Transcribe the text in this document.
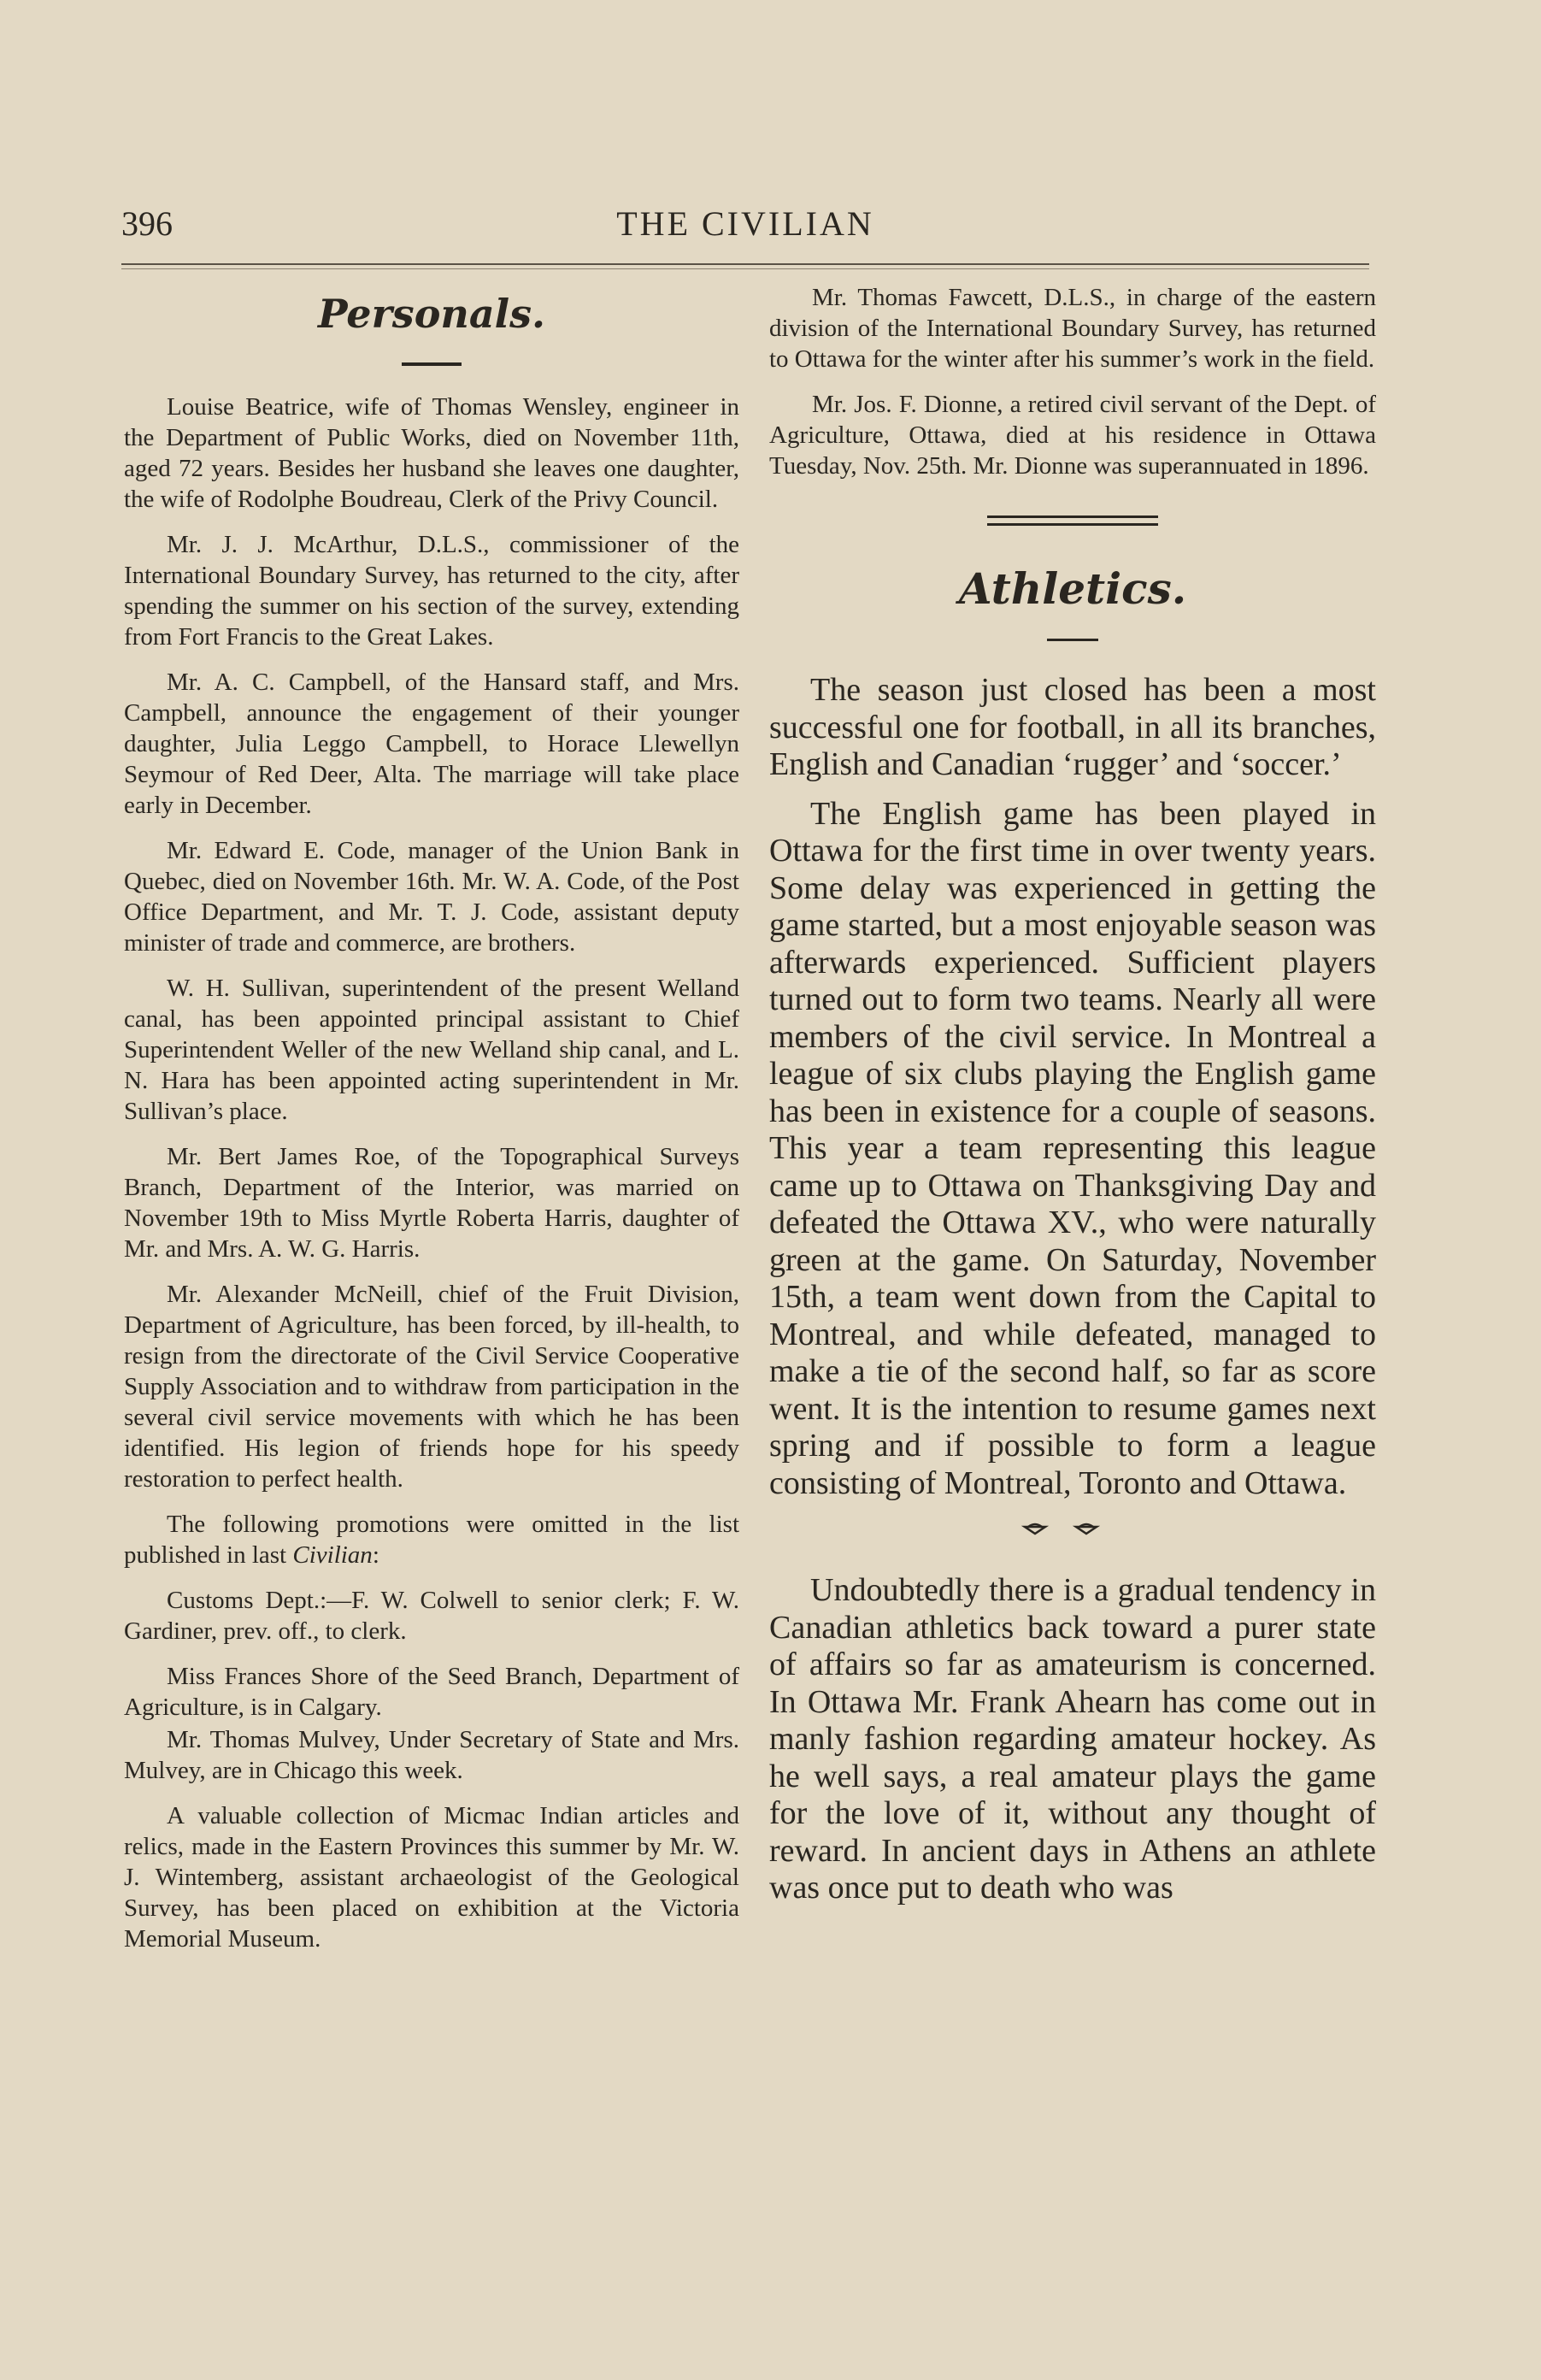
THE CIVILIAN
396
Personals.

Louise Beatrice, wife of Thomas Wensley, engineer in the Department of Public Works, died on November 11th, aged 72 years. Besides her husband she leaves one daughter, the wife of Rodolphe Boudreau, Clerk of the Privy Council.

Mr. J. J. McArthur, D.L.S., commissioner of the International Boundary Survey, has returned to the city, after spending the summer on his section of the survey, extending from Fort Francis to the Great Lakes.

Mr. A. C. Campbell, of the Hansard staff, and Mrs. Campbell, announce the engagement of their younger daughter, Julia Leggo Campbell, to Horace Llewellyn Seymour of Red Deer, Alta. The marriage will take place early in December.

Mr. Edward E. Code, manager of the Union Bank in Quebec, died on November 16th. Mr. W. A. Code, of the Post Office Department, and Mr. T. J. Code, assistant deputy minister of trade and commerce, are brothers.

W. H. Sullivan, superintendent of the present Welland canal, has been appointed principal assistant to Chief Superintendent Weller of the new Welland ship canal, and L. N. Hara has been appointed acting superintendent in Mr. Sullivan’s place.

Mr. Bert James Roe, of the Topographical Surveys Branch, Department of the Interior, was married on November 19th to Miss Myrtle Roberta Harris, daughter of Mr. and Mrs. A. W. G. Harris.

Mr. Alexander McNeill, chief of the Fruit Division, Department of Agriculture, has been forced, by ill-health, to resign from the directorate of the Civil Service Cooperative Supply Association and to withdraw from participation in the several civil service movements with which he has been identified. His legion of friends hope for his speedy restoration to perfect health.

The following promotions were omitted in the list published in last Civilian:

Customs Dept.:—F. W. Colwell to senior clerk; F. W. Gardiner, prev. off., to clerk.

Miss Frances Shore of the Seed Branch, Department of Agriculture, is in Calgary.

Mr. Thomas Mulvey, Under Secretary of State and Mrs. Mulvey, are in Chicago this week.

A valuable collection of Micmac Indian articles and relics, made in the Eastern Provinces this summer by Mr. W. J. Wintemberg, assistant archaeologist of the Geological Survey, has been placed on exhibition at the Victoria Memorial Museum.

Mr. Thomas Fawcett, D.L.S., in charge of the eastern division of the International Boundary Survey, has returned to Ottawa for the winter after his summer’s work in the field.

Mr. Jos. F. Dionne, a retired civil servant of the Dept. of Agriculture, Ottawa, died at his residence in Ottawa Tuesday, Nov. 25th. Mr. Dionne was superannuated in 1896.

Athletics.

The season just closed has been a most successful one for football, in all its branches, English and Canadian ‘rugger’ and ‘soccer.’

The English game has been played in Ottawa for the first time in over twenty years. Some delay was experienced in getting the game started, but a most enjoyable season was afterwards experienced. Sufficient players turned out to form two teams. Nearly all were members of the civil service. In Montreal a league of six clubs playing the English game has been in existence for a couple of seasons. This year a team representing this league came up to Ottawa on Thanksgiving Day and defeated the Ottawa XV., who were naturally green at the game. On Saturday, November 15th, a team went down from the Capital to Montreal, and while defeated, managed to make a tie of the second half, so far as score went. It is the intention to resume games next spring and if possible to form a league consisting of Montreal, Toronto and Ottawa.

Undoubtedly there is a gradual tendency in Canadian athletics back toward a purer state of affairs so far as amateurism is concerned. In Ottawa Mr. Frank Ahearn has come out in manly fashion regarding amateur hockey. As he well says, a real amateur plays the game for the love of it, without any thought of reward. In ancient days in Athens an athlete was once put to death who was
